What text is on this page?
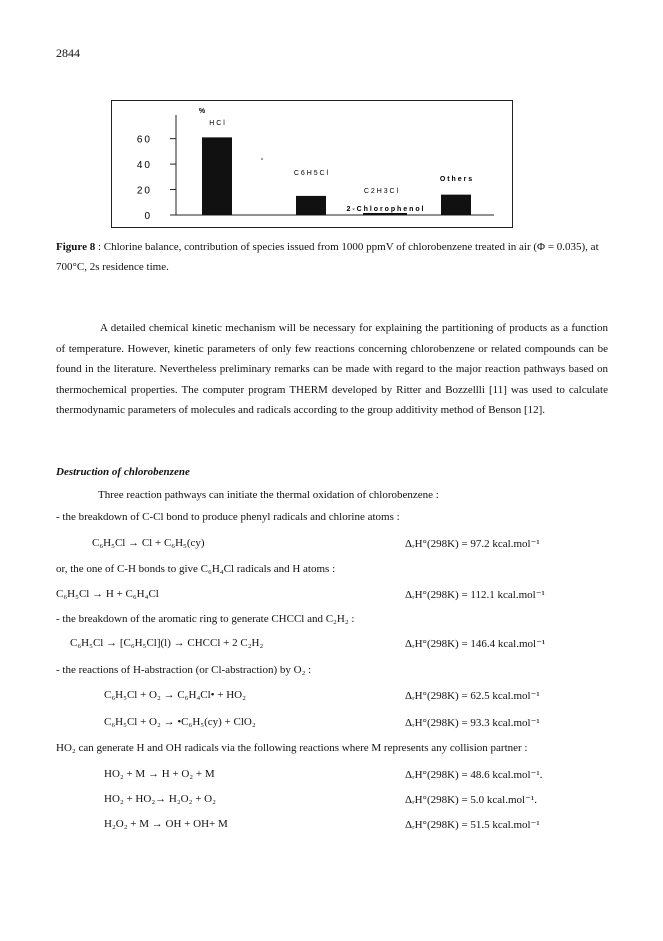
2844
%
0
20
40
60
H C l
C 6 H 5 C l
C 2 H 3 C l
2 - C h l o r o p h e n o l
O t h e r s
Figure 8 : Chlorine balance, contribution of species issued from 1000 ppmV of chlorobenzene treated in air (Φ = 0.035), at 700°C, 2s residence time.
A detailed chemical kinetic mechanism will be necessary for explaining the partitioning of products as a function of temperature. However, kinetic parameters of only few reactions concerning chlorobenzene or related compounds can be found in the literature. Nevertheless preliminary remarks can be made with regard to the major reaction pathways based on thermochemical properties. The computer program THERM developed by Ritter and Bozzellli [11] was used to calculate thermodynamic parameters of molecules and radicals according to the group additivity method of Benson [12].
Destruction of chlorobenzene
Three reaction pathways can initiate the thermal oxidation of chlorobenzene :
- the breakdown of C-Cl bond to produce phenyl radicals and chlorine atoms :
C₆H₅Cl → Cl + C₆H₅(cy)	ΔᵣH°(298K) = 97.2 kcal.mol⁻¹
or, the one of C-H bonds to give C₆H₄Cl radicals and H atoms :
C₆H₅Cl → H + C₆H₄Cl	ΔᵣH°(298K) = 112.1 kcal.mol⁻¹
- the breakdown of the aromatic ring to generate CHCCl and C₂H₂ :
C₆H₅Cl → [C₆H₅Cl](l) → CHCCl + 2 C₂H₂	ΔᵣH°(298K) = 146.4 kcal.mol⁻¹
- the reactions of H-abstraction (or Cl-abstraction) by O₂ :
C₆H₅Cl + O₂ → C₆H₄Cl• + HO₂	ΔᵣH°(298K) = 62.5 kcal.mol⁻¹
C₆H₅Cl + O₂ → •C₆H₅(cy) + ClO₂	ΔᵣH°(298K) = 93.3 kcal.mol⁻¹
HO₂ can generate H and OH radicals via the following reactions where M represents any collision partner :
HO₂ + M → H + O₂ + M	ΔᵣH°(298K) = 48.6 kcal.mol⁻¹.
HO₂ + HO₂→ H₂O₂ + O₂	ΔᵣH°(298K) = 5.0 kcal.mol⁻¹.
H₂O₂ + M → OH + OH+ M	ΔᵣH°(298K) = 51.5 kcal.mol⁻¹
